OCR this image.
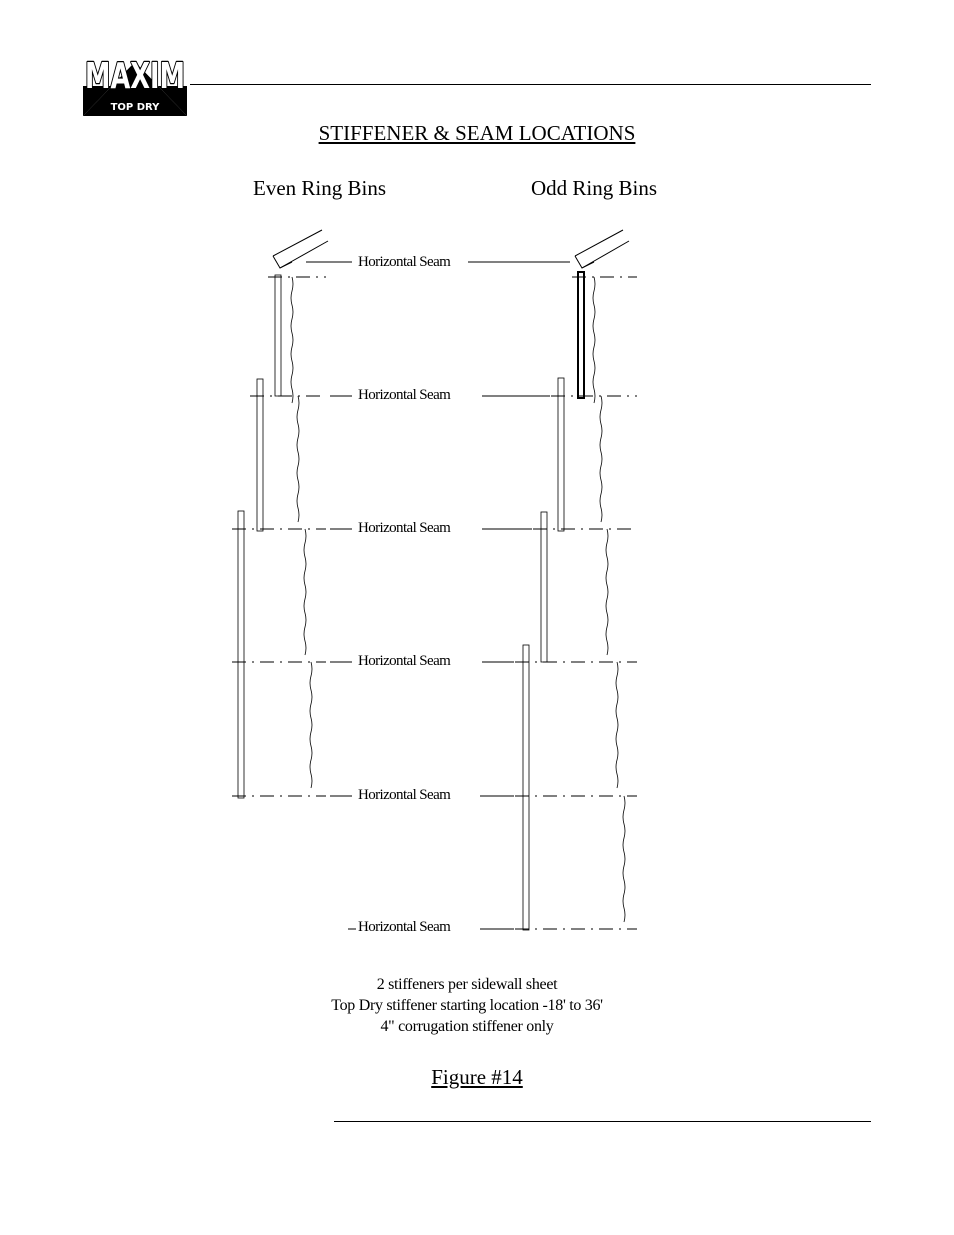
MAXIM
TOP DRY
STIFFENER & SEAM LOCATIONS
Even Ring Bins	Odd Ring Bins
Horizontal Seam
Horizontal Seam
Horizontal Seam
Horizontal Seam
Horizontal Seam
Horizontal Seam
2 stiffeners per sidewall sheet
Top Dry stiffener starting location -18' to 36'
4" corrugation stiffener only
Figure #14
